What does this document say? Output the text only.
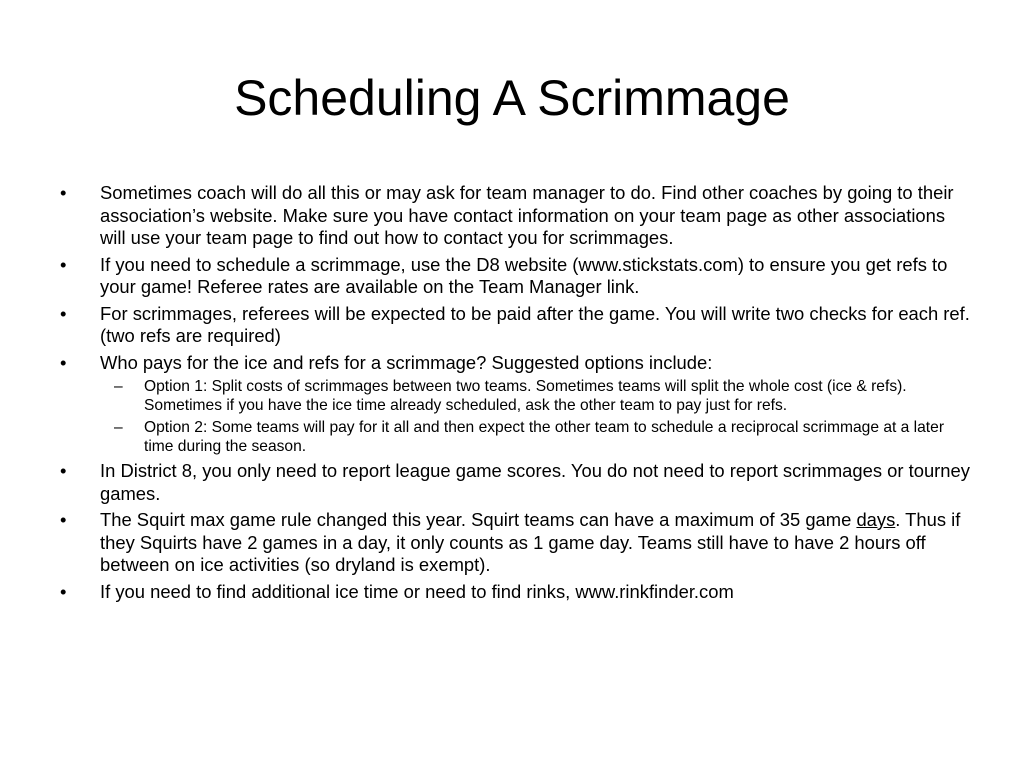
Scheduling A Scrimmage
•	Sometimes coach will do all this or may ask for team manager to do. Find other coaches by going to their association’s website. Make sure you have contact information on your team page as other associations will use your team page to find out how to contact you for scrimmages.
•	If you need to schedule a scrimmage, use the D8 website (www.stickstats.com) to ensure you get refs to your game! Referee rates are available on the Team Manager link.
•	For scrimmages, referees will be expected to be paid after the game. You will write two checks for each ref. (two refs are required)
•	Who pays for the ice and refs for a scrimmage? Suggested options include:
– Option 1: Split costs of scrimmages between two teams. Sometimes teams will split the whole cost (ice & refs). Sometimes if you have the ice time already scheduled, ask the other team to pay just for refs.
– Option 2: Some teams will pay for it all and then expect the other team to schedule a reciprocal scrimmage at a later time during the season.
•	In District 8, you only need to report league game scores. You do not need to report scrimmages or tourney games.
•	The Squirt max game rule changed this year. Squirt teams can have a maximum of 35 game days. Thus if they Squirts have 2 games in a day, it only counts as 1 game day. Teams still have to have 2 hours off between on ice activities (so dryland is exempt).
•	If you need to find additional ice time or need to find rinks, www.rinkfinder.com
